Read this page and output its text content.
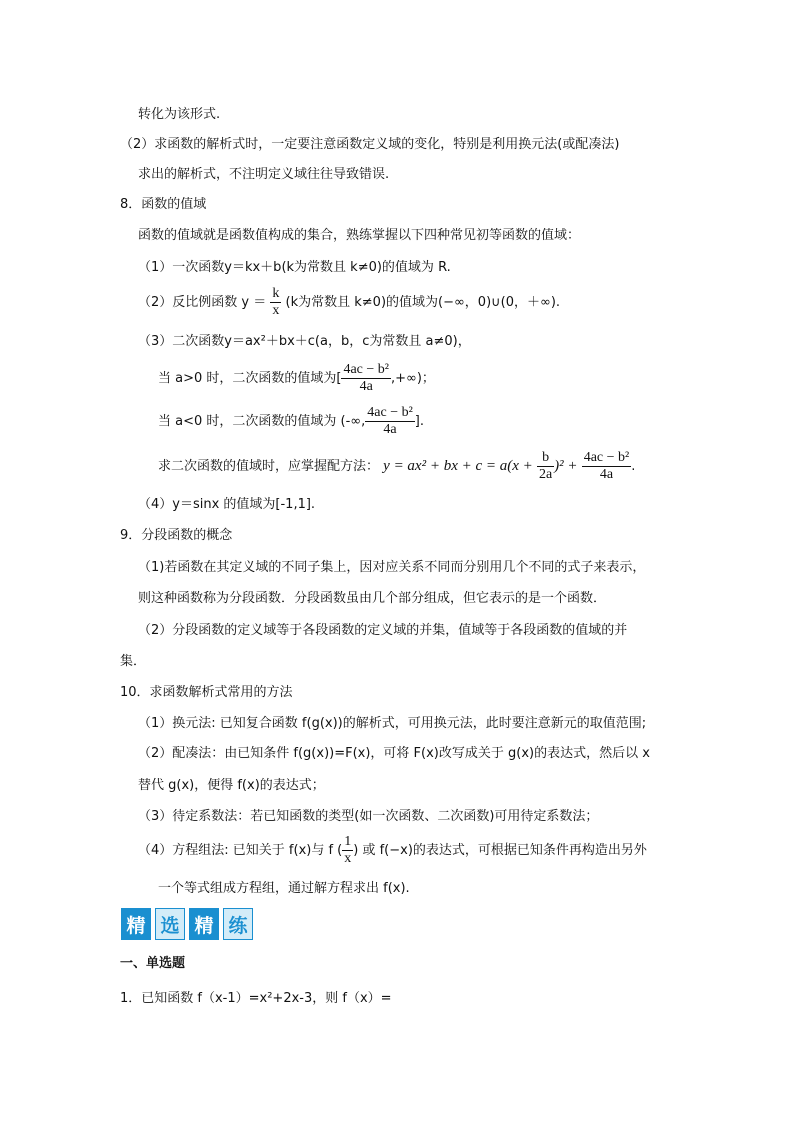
转化为该形式.
（2）求函数的解析式时，一定要注意函数定义域的变化，特别是利用换元法(或配凑法)
求出的解析式，不注明定义域往往导致错误.
8．函数的值域
函数的值域就是函数值构成的集合，熟练掌握以下四种常见初等函数的值域：
（1）一次函数y＝kx＋b(k为常数且 k≠0)的值域为 R.
（2）反比例函数 $y = \frac{k}{x} (k$为常数且 k≠0)的值域为(−∞，0)∪(0，＋∞).
（3）二次函数y＝ax²＋bx＋c(a，b，c为常数且 a≠0)，
当 a>0 时，二次函数的值域为[ $\frac{\text{4ac − b²}}{4a}$ ,+∞)；
当 a<0 时，二次函数的值域为 (-∞, $\frac{\text{4ac − b²}}{4a}$ ].
求二次函数的值域时，应掌握配方法： y = ax² + bx + $c = a(x + \frac{b}{2a} )^2 + \frac{\text{4ac − b²}}{4a}$ .
（4）y＝sinx 的值域为[-1,1].
9．分段函数的概念
（1)若函数在其定义域的不同子集上，因对应关系不同而分别用几个不同的式子来表示，
则这种函数称为分段函数．分段函数虽由几个部分组成，但它表示的是一个函数．
（2）分段函数的定义域等于各段函数的定义域的并集，值域等于各段函数的值域的并
集．
10．求函数解析式常用的方法
（1）换元法: 已知复合函数 f(g(x))的解析式，可用换元法，此时要注意新元的取值范围;
（2）配凑法：由已知条件 f(g(x))=F(x)，可将 F(x)改写成关于 g(x)的表达式，然后以 x
替代 g(x)，便得 f(x)的表达式；
（3）待定系数法：若已知函数的类型(如一次函数、二次函数)可用待定系数法；
（4）方程组法: 已知关于 f(x)与 f ( $\frac{1}{x}$ ) 或 f(−x)的表达式，可根据已知条件再构造出另外
一个等式组成方程组，通过解方程求出 f(x).
精 选 精 练
一、单选题
1．已知函数 f（x-1）=x²+2x-3，则 f（x）=
